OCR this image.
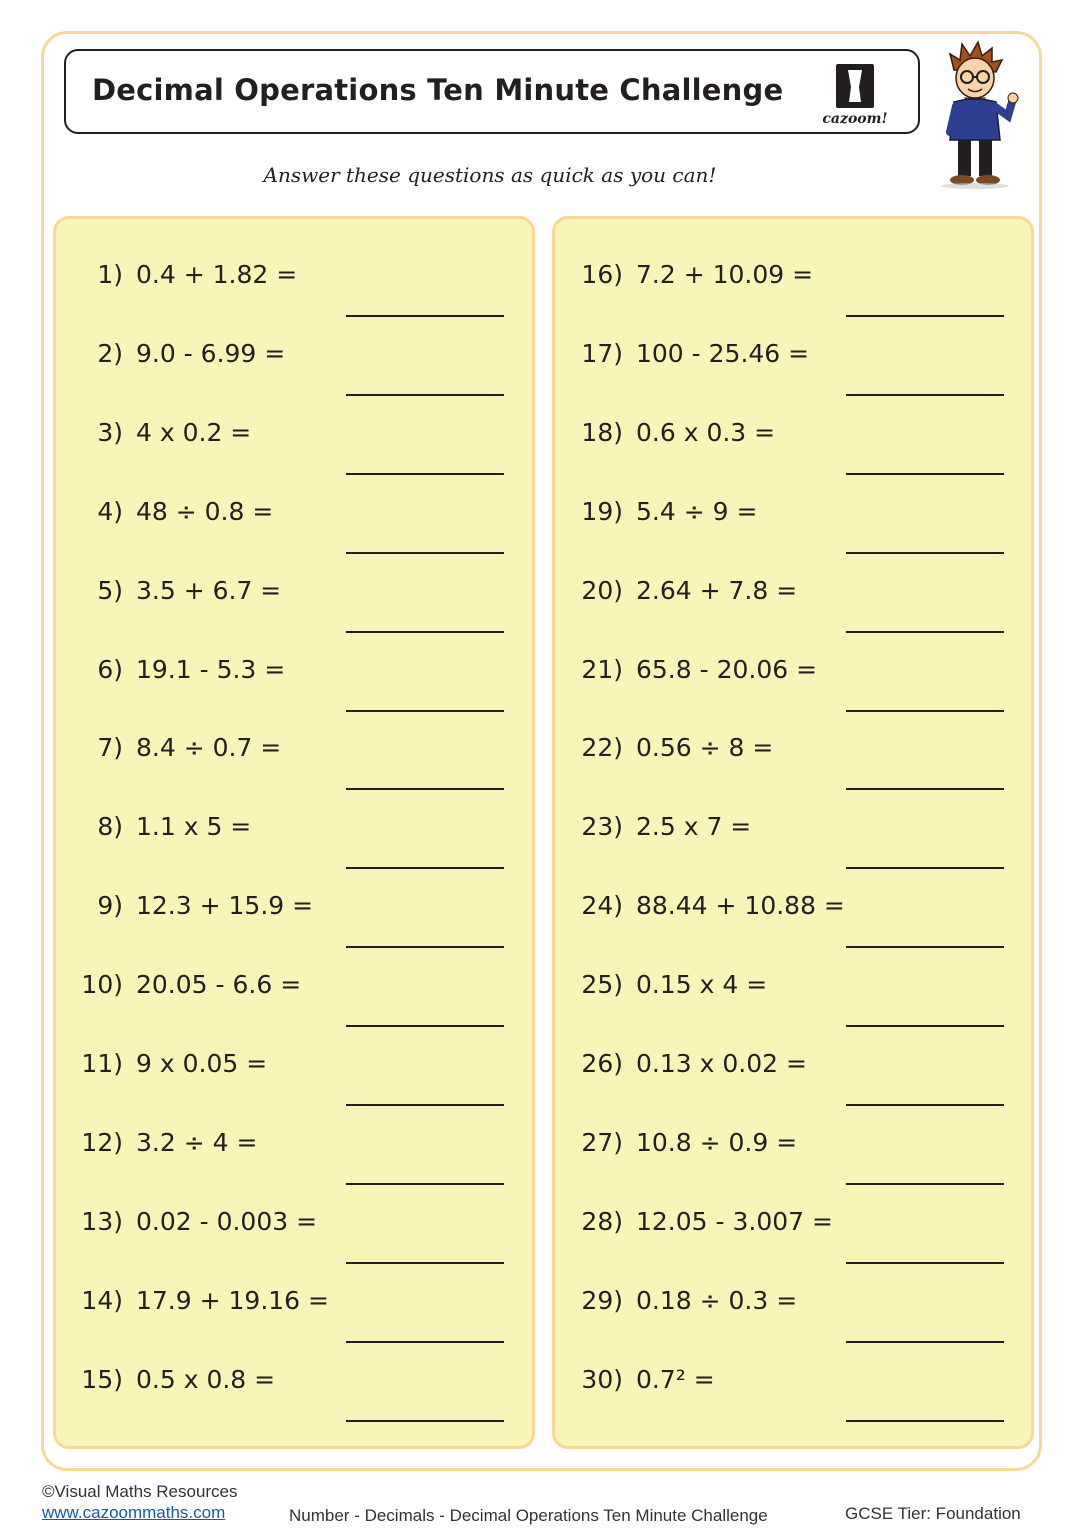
Decimal Operations Ten Minute Challenge
cazoom!
Answer these questions as quick as you can!
1) 0.4 + 1.82 =
2) 9.0 - 6.99 =
3) 4 x 0.2 =
4) 48 ÷ 0.8 =
5) 3.5 + 6.7 =
6) 19.1 - 5.3 =
7) 8.4 ÷ 0.7 =
8) 1.1 x 5 =
9) 12.3 + 15.9 =
10) 20.05 - 6.6 =
11) 9 x 0.05 =
12) 3.2 ÷ 4 =
13) 0.02 - 0.003 =
14) 17.9 + 19.16 =
15) 0.5 x 0.8 =
16) 7.2 + 10.09 =
17) 100 - 25.46 =
18) 0.6 x 0.3 =
19) 5.4 ÷ 9 =
20) 2.64 + 7.8 =
21) 65.8 - 20.06 =
22) 0.56 ÷ 8 =
23) 2.5 x 7 =
24) 88.44 + 10.88 =
25) 0.15 x 4 =
26) 0.13 x 0.02 =
27) 10.8 ÷ 0.9 =
28) 12.05 - 3.007 =
29) 0.18 ÷ 0.3 =
30) 0.7² =
©Visual Maths Resources
www.cazoommaths.com	Number - Decimals - Decimal Operations Ten Minute Challenge	GCSE Tier: Foundation
